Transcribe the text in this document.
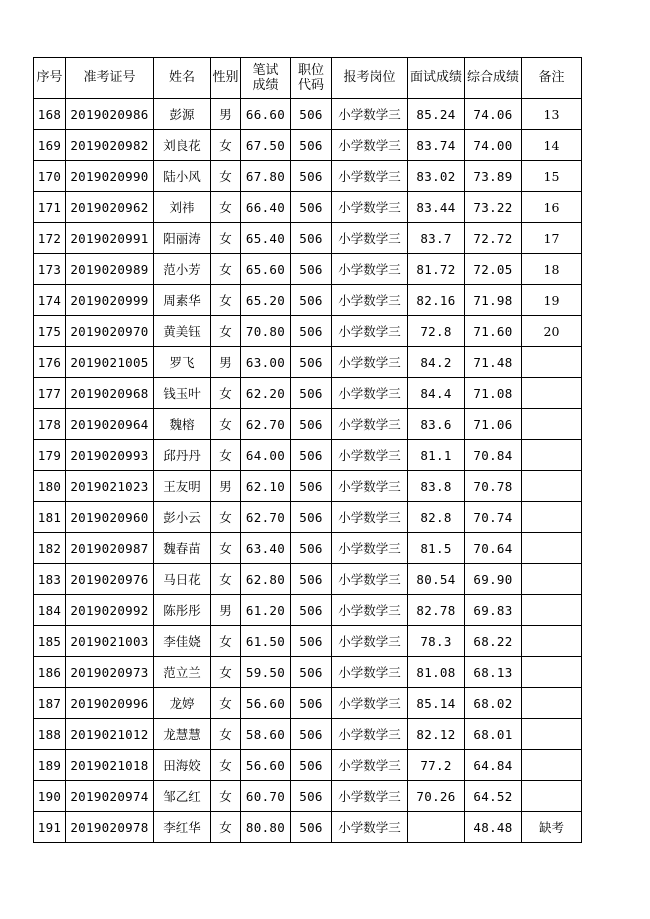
序号	准考证号	姓名	性别	笔试成绩	职位代码	报考岗位	面试成绩	综合成绩	备注
168	2019020986	彭源	男	66.60	506	小学数学三	85.24	74.06	13
169	2019020982	刘良花	女	67.50	506	小学数学三	83.74	74.00	14
170	2019020990	陆小风	女	67.80	506	小学数学三	83.02	73.89	15
171	2019020962	刘祎	女	66.40	506	小学数学三	83.44	73.22	16
172	2019020991	阳丽涛	女	65.40	506	小学数学三	83.7	72.72	17
173	2019020989	范小芳	女	65.60	506	小学数学三	81.72	72.05	18
174	2019020999	周素华	女	65.20	506	小学数学三	82.16	71.98	19
175	2019020970	黄美钰	女	70.80	506	小学数学三	72.8	71.60	20
176	2019021005	罗飞	男	63.00	506	小学数学三	84.2	71.48	
177	2019020968	钱玉叶	女	62.20	506	小学数学三	84.4	71.08	
178	2019020964	魏榕	女	62.70	506	小学数学三	83.6	71.06	
179	2019020993	邱丹丹	女	64.00	506	小学数学三	81.1	70.84	
180	2019021023	王友明	男	62.10	506	小学数学三	83.8	70.78	
181	2019020960	彭小云	女	62.70	506	小学数学三	82.8	70.74	
182	2019020987	魏春苗	女	63.40	506	小学数学三	81.5	70.64	
183	2019020976	马日花	女	62.80	506	小学数学三	80.54	69.90	
184	2019020992	陈彤彤	男	61.20	506	小学数学三	82.78	69.83	
185	2019021003	李佳娆	女	61.50	506	小学数学三	78.3	68.22	
186	2019020973	范立兰	女	59.50	506	小学数学三	81.08	68.13	
187	2019020996	龙婷	女	56.60	506	小学数学三	85.14	68.02	
188	2019021012	龙慧慧	女	58.60	506	小学数学三	82.12	68.01	
189	2019021018	田海姣	女	56.60	506	小学数学三	77.2	64.84	
190	2019020974	邹乙红	女	60.70	506	小学数学三	70.26	64.52	
191	2019020978	李红华	女	80.80	506	小学数学三		48.48	缺考
